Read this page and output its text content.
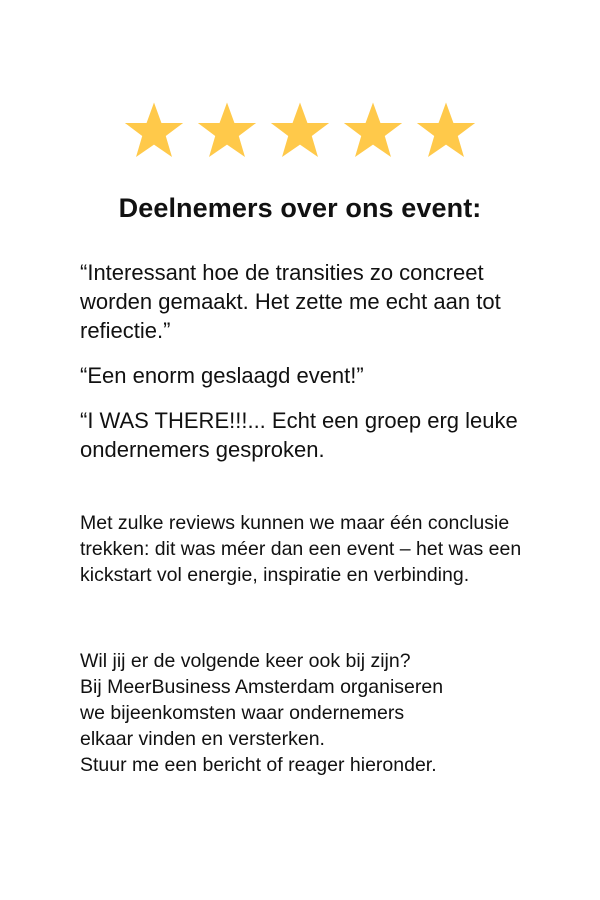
Deelnemers over ons event:

“Interessant hoe de transities zo concreet worden gemaakt. Het zette me echt aan tot refiectie.”

“Een enorm geslaagd event!”

“I WAS THERE!!!... Echt een groep erg leuke ondernemers gesproken.

Met zulke reviews kunnen we maar één conclusie trekken: dit was méer dan een event – het was een kickstart vol energie, inspiratie en verbinding.

Wil jij er de volgende keer ook bij zijn?
Bij MeerBusiness Amsterdam organiseren
we bijeenkomsten waar ondernemers
elkaar vinden en versterken.
Stuur me een bericht of reager hieronder.
